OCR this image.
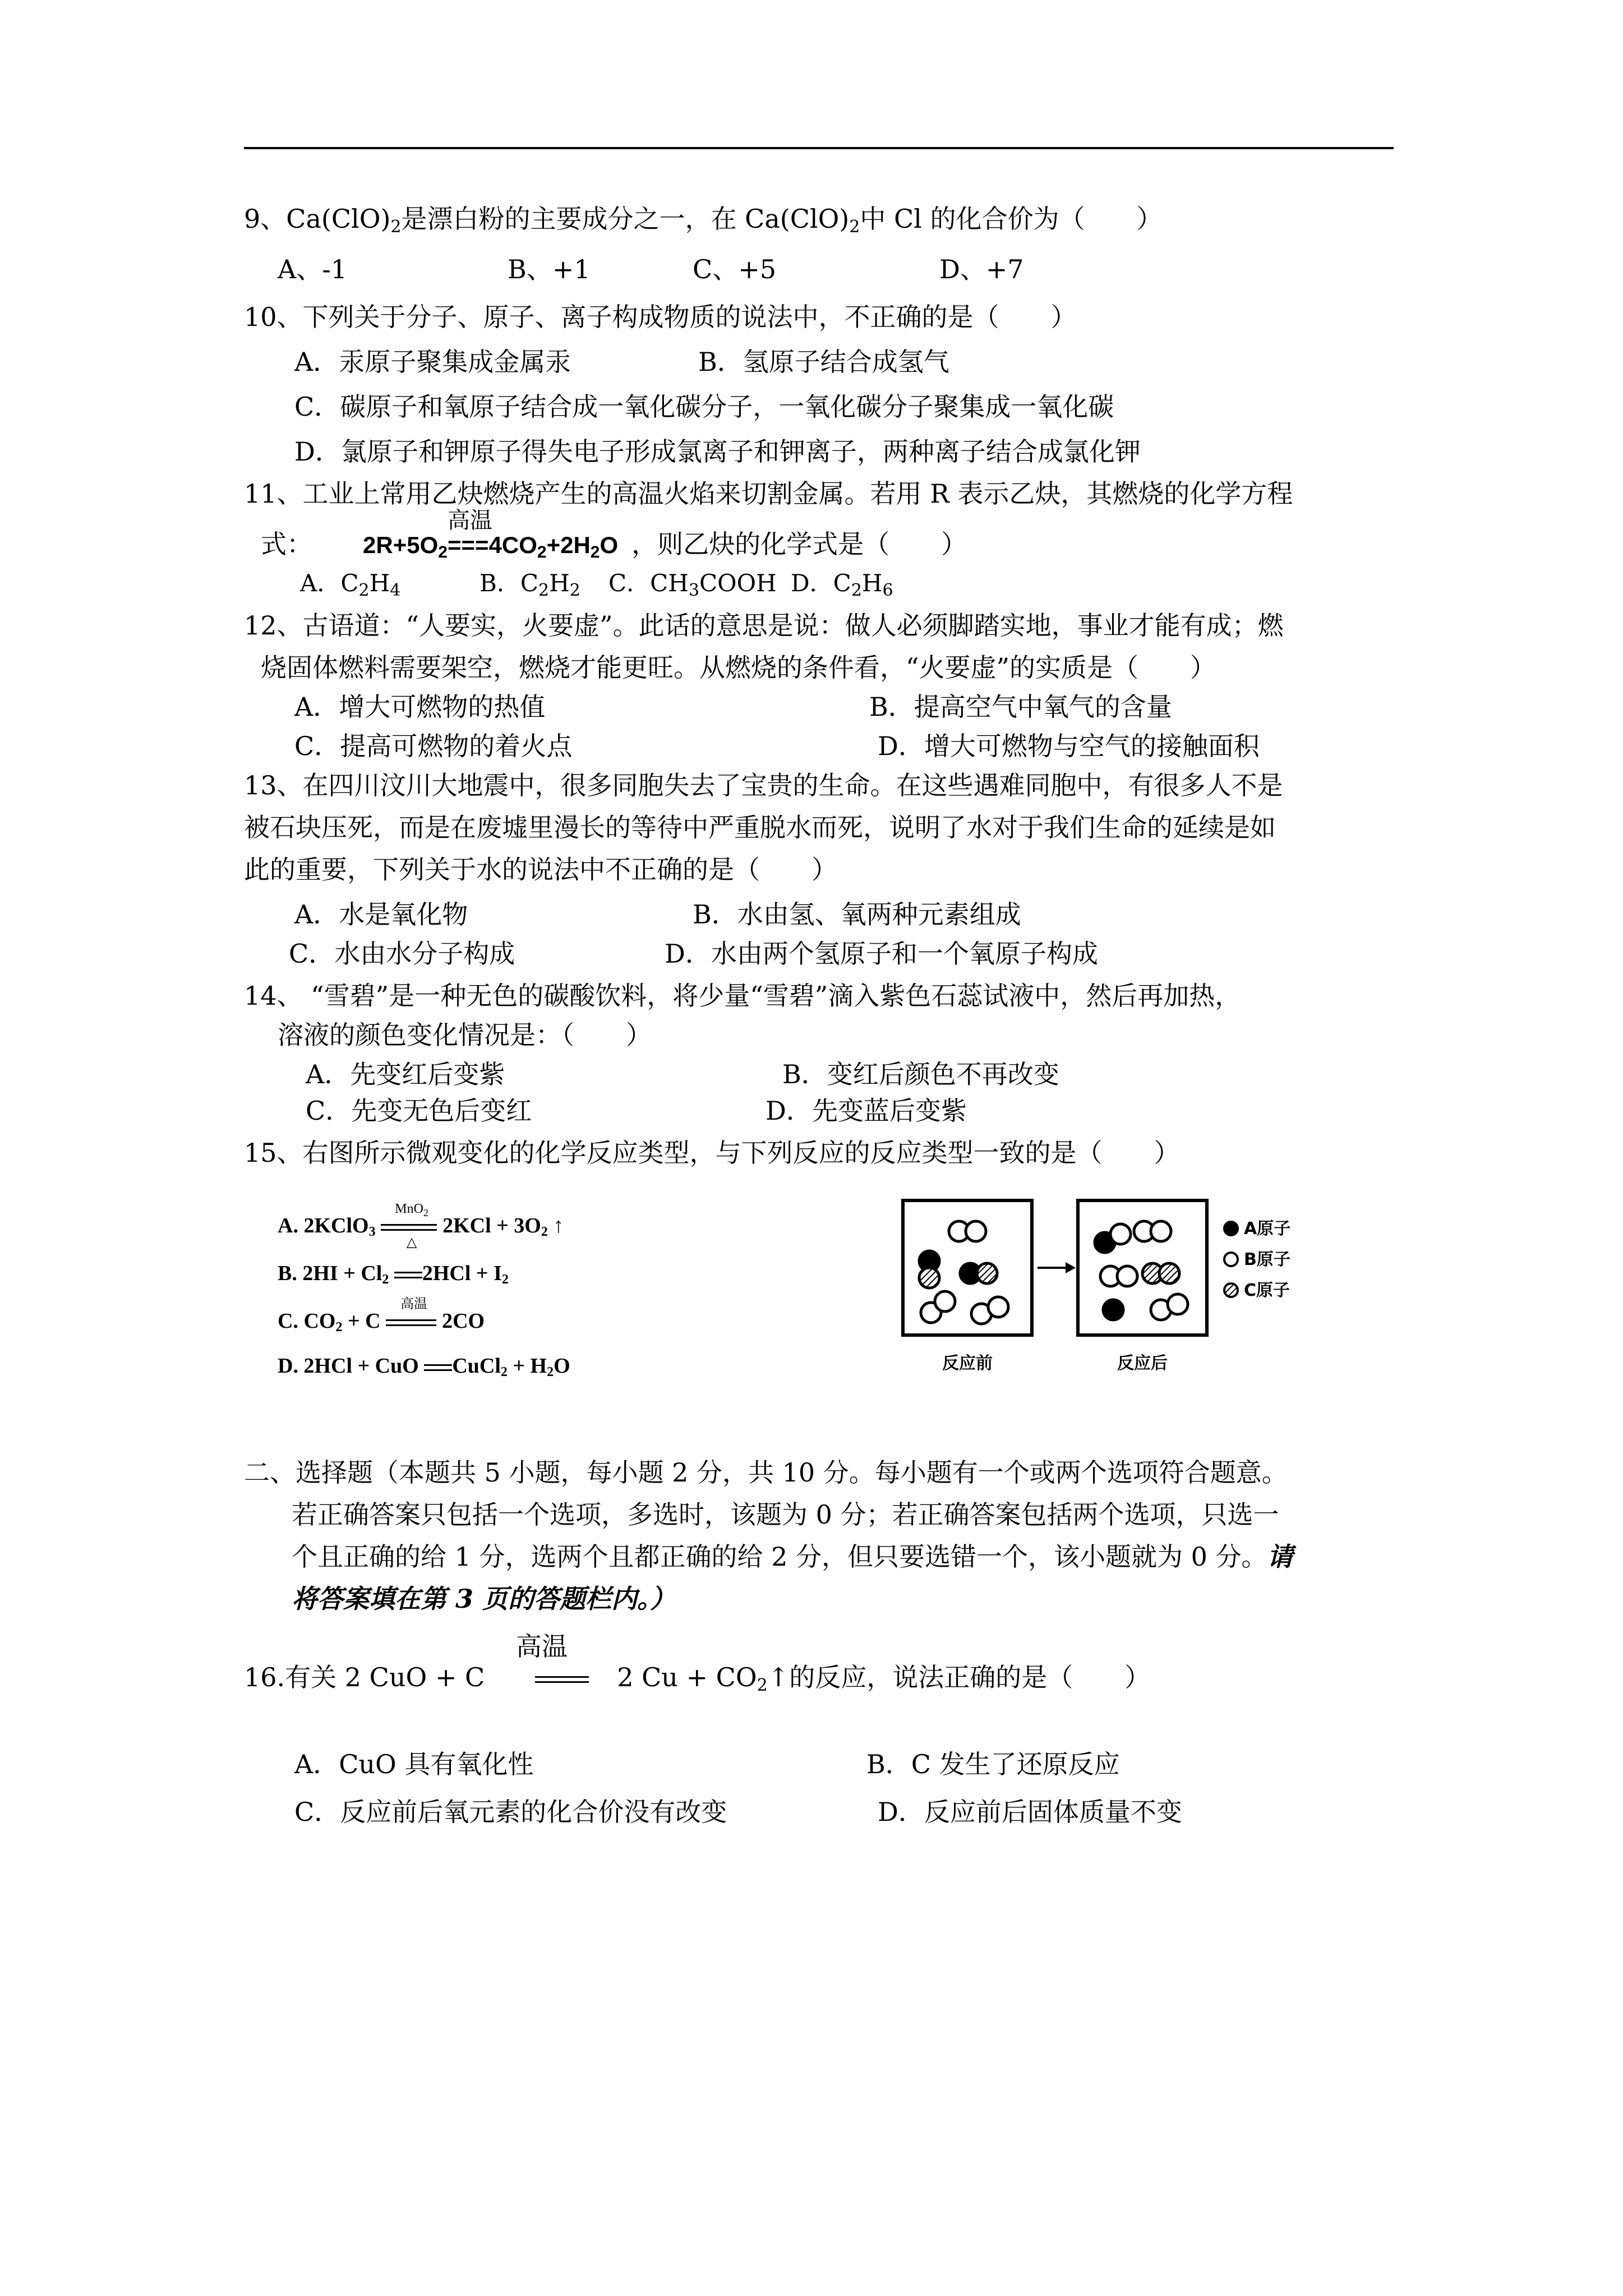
9、$Ca(ClO)_2$是漂白粉的主要成分之一，在 $Ca(ClO)_2$中 Cl 的化合价为（　　）
A、-1	B、+1	C、+5	D、+7
10、下列关于分子、原子、离子构成物质的说法中，不正确的是（　　）
A．汞原子聚集成金属汞	B．氢原子结合成氢气
C．碳原子和氧原子结合成一氧化碳分子，一氧化碳分子聚集成一氧化碳
D．氯原子和钾原子得失电子形成氯离子和钾离子，两种离子结合成氯化钾
11、工业上常用乙炔燃烧产生的高温火焰来切割金属。若用 R 表示乙炔，其燃烧的化学方程
式： $2R+5O_2$
高温
$===4CO_2+2H_2O$ ，则乙炔的化学式是（　　）
A．$C_2H_4$	B．$C_2H_2$ C．$CH_3COOH$ D．$C_2H_6$
12、古语道：“人要实，火要虚”。此话的意思是说：做人必须脚踏实地，事业才能有成；燃
烧固体燃料需要架空，燃烧才能更旺。从燃烧的条件看，“火要虚”的实质是（　　）
A．增大可燃物的热值	B．提高空气中氧气的含量
C．提高可燃物的着火点	D．增大可燃物与空气的接触面积
13、在四川汶川大地震中，很多同胞失去了宝贵的生命。在这些遇难同胞中，有很多人不是
被石块压死，而是在废墟里漫长的等待中严重脱水而死，说明了水对于我们生命的延续是如
此的重要，下列关于水的说法中不正确的是（　　）
A．水是氧化物	B．水由氢、氧两种元素组成
C．水由水分子构成	D．水由两个氢原子和一个氧原子构成
14、 “雪碧”是一种无色的碳酸饮料，将少量“雪碧”滴入紫色石蕊试液中，然后再加热，
溶液的颜色变化情况是：（　　）
A．先变红后变紫	B．变红后颜色不再改变
C．先变无色后变红	D．先变蓝后变紫
15、右图所示微观变化的化学反应类型，与下列反应的反应类型一致的是（　　）
A. 2KClO$_3$
MnO$_2$
△
$2KCl + 3O_2$ ↑
B. $2HI + Cl_2$ $2HCl + I_2$
C. $CO_2 + C$
高温
2CO
D. 2HCl + CuO CuCl$_2$ + $H_2O$
A原子
B原子
C原子
反应前	反应后
二、选择题（本题共 5 小题，每小题 2 分，共 10 分。每小题有一个或两个选项符合题意。
若正确答案只包括一个选项，多选时，该题为 0 分；若正确答案包括两个选项，只选一
个且正确的给 1 分，选两个且都正确的给 2 分，但只要选错一个，该小题就为 0 分。请
将答案填在第 3 页的答题栏内。）
高温
16.有关 2 CuO + C	2 $Cu + CO_2↑$的反应，说法正确的是（　　）
A．CuO 具有氧化性	B．C 发生了还原反应
C．反应前后氧元素的化合价没有改变	D．反应前后固体质量不变
